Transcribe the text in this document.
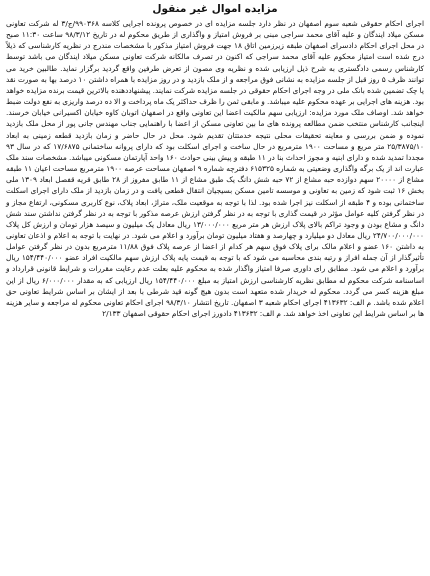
مزایده اموال غیر منقول

اجرای احکام حقوقی شعبه سوم اصفهان در نظر دارد جلسه مزایده ای در خصوص پرونده اجرایی کلاسه ۹۹۰۳۶۸/ج/۳ له شرکت تعاونی مسکن میلاد ایندگان و علیه آقای محمد سراجی مبنی بر فروش امتیاز و واگذاری از طریق محکوم له در تاریخ ۹۸/۳/۱۲ ساعت ۱۱:۳۰ صبح در محل اجرای احکام دادسرای اصفهان طبقه زیرزمین اتاق ۱۸ جهت فروش امتیاز مذکور با مشخصات مندرج در نظریه کارشناسی که ذیلاً درج شده است امتیاز محکوم علیه آقای محمد سراجی که اکنون در تصرف مالکانه شرکت تعاونی مسکن میلاد ایندگان می باشد توسط کارشناس رسمی دادگستری به شرح ذیل ارزیابی شده و نظریه وی مصون از تعرض طرفین واقع گردید برگزار نماید. طالبین خرید می توانند ظرف ۵ روز قبل از جلسه مزایده به نشانی فوق مراجعه و از ملک بازدید و در روز مزایده با همراه داشتن ۱۰ درصد بها به صورت نقد یا چک تضمین شده بانک ملی در وجه اجرای احکام حقوقی در جلسه مزایده شرکت نمایند. پیشنهاددهنده بالاترین قیمت برنده مزایده خواهد بود. هزینه های اجرایی بر عهده محکوم علیه میباشد. و مابقی ثمن را ظرف حداکثر یک ماه پرداخت و الا ده درصد واریزی به نفع دولت ضبط خواهد شد. اوصاف ملک مورد مزایده: ارزیابی سهم مالکیت اعضا این تعاونی واقع در اصفهان اتوبان کاوه خیابان اکسیرانی خیابان خرسند. اینجانب کارشناس منتخب ضمن مطالعه پرونده های ما بین تعاونی مسکن از اعضا با راهنمایی جناب مهندس جانی پور از محل ملک بازدید نموده و ضمن بررسی و معاینه تحقیقات محلی نتیجه خدمتتان تقدیم شود. محل در حال حاضر و زمان بازدید قطعه زمینی به ابعاد ۲۵/۳۸۷۵/۱۰ متر مربع و مساحت ۱۹۰۰ مترمربع در حال ساخت و اجرای اسکلت بود که دارای پروانه ساختمانی ۱۷/۶۸۷۵ که در سال ۹۳ مجددا تمدید شده و دارای ابنیه و مجوز احداث بنا در ۱۱ طبقه و پیش بینی حوادث ۱۶۰ واحد آپارتمان مسکونی میباشد. مشخصات سند ملک عبارت اند از یک برگه واگذاری وضعیتی به شماره ۶۱۵۳۲۵ دفترچه شماره ۹ اصفهان مساحت عرصه ۱۹۰۰ مترمربع مساحت اعیان ۱۱ طبقه مشاع از ۲۰۰۰۰ سهم دوازده حبه مشاع از ۷۲ حبه شش دانگ یک طبق مشاع از ۱۱ طابق مفروز از ۲۸ طابق قریه قفصل ابعاد ۱۳۰۹ ملی بخش ۱۶ ثبت شود که زمین به تعاونی و موسسه تامین مسکن بسیجیان انتقال قطعی یافت و در زمان بازدید از ملک دارای اجرای اسکلت ساختمانی بوده و ۴ طبقه از اسکلت نیز اجرا شده بود. لذا با توجه به موقعیت ملک، متراژ، ابعاد پلاک، نوع کاربری مسکونی، ارتفاع مجاز و در نظر گرفتن کلیه عوامل مؤثر در قیمت گذاری با توجه به در نظر گرفتن ارزش عرصه مذکور با توجه به در نظر گرفتن نداشتن سند شش دانگ و مشاع بودن و وجود تراکم بالای پلاک ارزش هر متر مربع ۱۳/۰۰۰/۰۰۰ ریال معادل یک میلیون و سیصد هزار تومان و ارزش کل پلاک ۲۴/۷۰۰/۰۰۰/۰۰۰ ریال معادل دو میلیارد و چهارصد و هفتاد میلیون تومان برآورد و اعلام می شود. در نهایت با توجه به اعلام و اذعان تعاونی به داشتن ۱۶۰ عضو و اعلام مالک برای پلاک فوق سهم هر کدام از اعضا از عرصه پلاک فوق ۱۱/۸۸ مترمربع بدون در نظر گرفتن عوامل تأثیرگذار از آن جمله افراز و رتبه بندی محاسبه می شود که با توجه به قیمت پایه پلاک ارزش سهم مالکیت افراد عضو ۱۵۴/۴۴۰/۰۰۰ ریال برآورد و اعلام می شود. مطابق رای داوری صرفا امتیاز واگذار شده به محکوم علیه بعلت عدم رعایت مقررات و شرایط قانونی قرارداد و اساسنامه شرکت محکوم له مطابق نظریه کارشناسی ارزش امتیاز به مبلغ ۱۵۴/۴۴۰/۰۰۰ ریال ارزیابی که به مقدار ۶/۰۰۰/۰۰۰ ریال از این مبلغ هزینه کسر می گردد. محکوم له خریدار شده متعهد است بدون هیچ گونه قید شرطی با بعد از ایشان بر اساس شرایط تعاونی حق اعلام شده باشد. م الف: ۴۱۳۶۳۲ اجرای احکام شعبه ۳ اصفهان. تاریخ انتشار ۹۸/۳/۱۰ اجرای احکام تعاونی محکوم له مراجعه و سایر هزینه ها بر اساس شرایط این تعاونی اخذ خواهد شد. م الف: ۴۱۳۶۳۲ دادورز اجرای احکام حقوقی اصفهان ۲/۱۳۳
